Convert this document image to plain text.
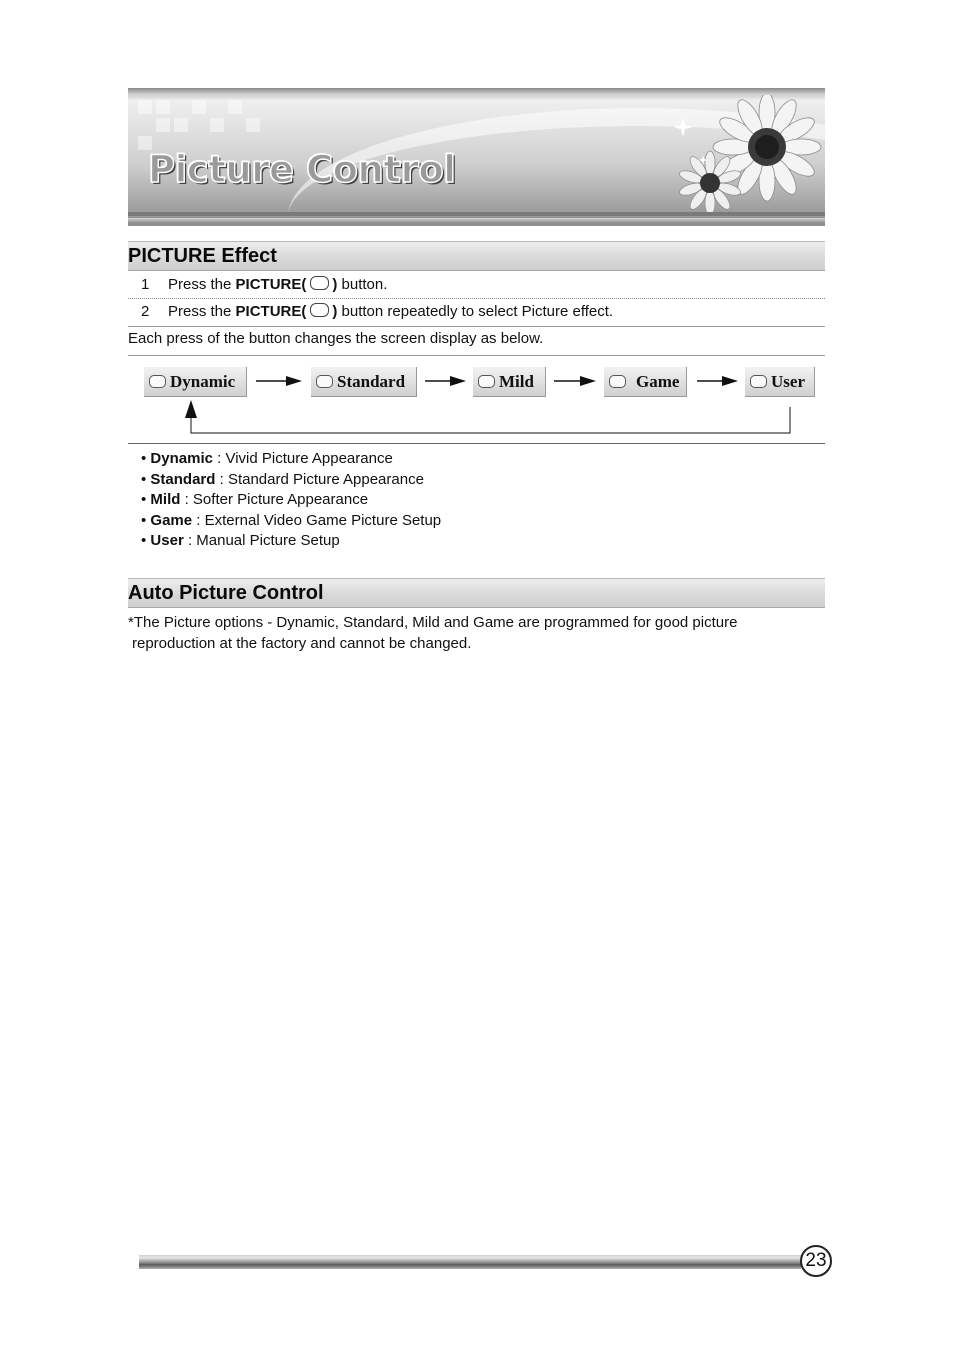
Picture Control
PICTURE Effect
1 Press the PICTURE( ) button.
2 Press the PICTURE( ) button repeatedly to select Picture effect.
Each press of the button changes the screen display as below.
Dynamic	Standard	Mild	Game	User
• Dynamic : Vivid Picture Appearance
• Standard : Standard Picture Appearance
• Mild : Softer Picture Appearance
• Game : External Video Game Picture Setup
• User : Manual Picture Setup
Auto Picture Control
*The Picture options - Dynamic, Standard, Mild and Game are programmed for good picture
reproduction at the factory and cannot be changed.
23
